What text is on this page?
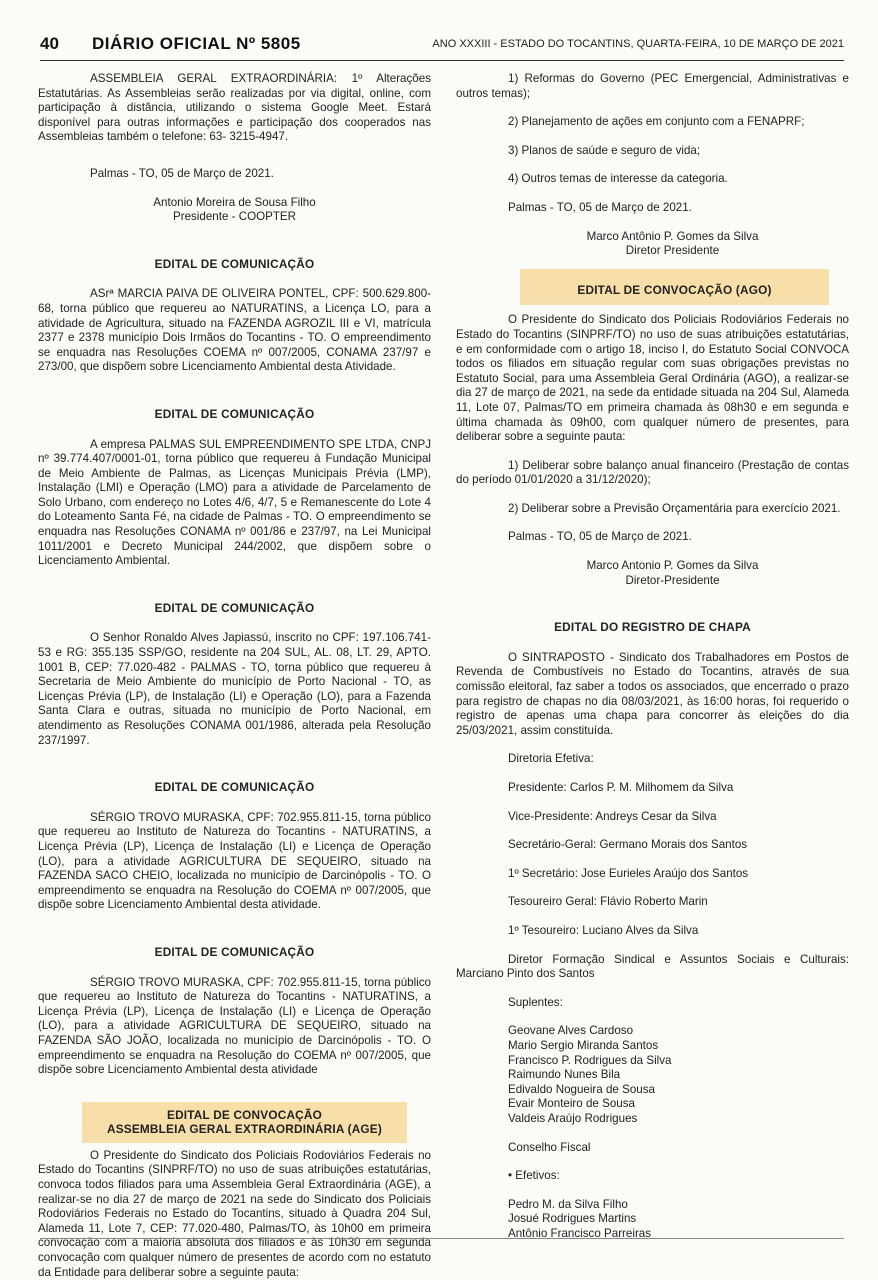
40 DIÁRIO OFICIAL Nº 5805	ANO XXXIII - ESTADO DO TOCANTINS, QUARTA-FEIRA, 10 DE MARÇO DE 2021

ASSEMBLEIA GERAL EXTRAORDINÁRIA: 1º Alterações Estatutárias. As Assembleias serão realizadas por via digital, online, com participação à distância, utilizando o sistema Google Meet. Estará disponível para outras informações e participação dos cooperados nas Assembleias também o telefone: 63- 3215-4947.

Palmas - TO, 05 de Março de 2021.

Antonio Moreira de Sousa Filho

Presidente - COOPTER

EDITAL DE COMUNICAÇÃO

ASrª MARCIA PAIVA DE OLIVEIRA PONTEL, CPF: 500.629.800-68, torna público que requereu ao NATURATINS, a Licença LO, para a atividade de Agricultura, situado na FAZENDA AGROZIL III e VI, matrícula 2377 e 2378 município Dois Irmãos do Tocantins - TO. O empreendimento se enquadra nas Resoluções COEMA nº 007/2005, CONAMA 237/97 e 273/00, que dispõem sobre Licenciamento Ambiental desta Atividade.

EDITAL DE COMUNICAÇÃO

A empresa PALMAS SUL EMPREENDIMENTO SPE LTDA, CNPJ nº 39.774.407/0001-01, torna público que requereu à Fundação Municipal de Meio Ambiente de Palmas, as Licenças Municipais Prévia (LMP), Instalação (LMI) e Operação (LMO) para a atividade de Parcelamento de Solo Urbano, com endereço no Lotes 4/6, 4/7, 5 e Remanescente do Lote 4 do Loteamento Santa Fé, na cidade de Palmas - TO. O empreendimento se enquadra nas Resoluções CONAMA nº 001/86 e 237/97, na Lei Municipal 1011/2001 e Decreto Municipal 244/2002, que dispõem sobre o Licenciamento Ambiental.

EDITAL DE COMUNICAÇÃO

O Senhor Ronaldo Alves Japiassú, inscrito no CPF: 197.106.741-53 e RG: 355.135 SSP/GO, residente na 204 SUL, AL. 08, LT. 29, APTO. 1001 B, CEP: 77.020-482 - PALMAS - TO, torna público que requereu à Secretaria de Meio Ambiente do município de Porto Nacional - TO, as Licenças Prévia (LP), de Instalação (LI) e Operação (LO), para a Fazenda Santa Clara e outras, situada no município de Porto Nacional, em atendimento as Resoluções CONAMA 001/1986, alterada pela Resolução 237/1997.

EDITAL DE COMUNICAÇÃO

SÉRGIO TROVO MURASKA, CPF: 702.955.811-15, torna público que requereu ao Instituto de Natureza do Tocantins - NATURATINS, a Licença Prévia (LP), Licença de Instalação (LI) e Licença de Operação (LO), para a atividade AGRICULTURA DE SEQUEIRO, situado na FAZENDA SACO CHEIO, localizada no município de Darcinópolis - TO. O empreendimento se enquadra na Resolução do COEMA nº 007/2005, que dispõe sobre Licenciamento Ambiental desta atividade.

EDITAL DE COMUNICAÇÃO

SÉRGIO TROVO MURASKA, CPF: 702.955.811-15, torna público que requereu ao Instituto de Natureza do Tocantins - NATURATINS, a Licença Prévia (LP), Licença de Instalação (LI) e Licença de Operação (LO), para a atividade AGRICULTURA DE SEQUEIRO, situado na FAZENDA SÃO JOÃO, localizada no município de Darcinópolis - TO. O empreendimento se enquadra na Resolução do COEMA nº 007/2005, que dispõe sobre Licenciamento Ambiental desta atividade

EDITAL DE CONVOCAÇÃO

ASSEMBLEIA GERAL EXTRAORDINÁRIA (AGE)

O Presidente do Sindicato dos Policiais Rodoviários Federais no Estado do Tocantins (SINPRF/TO) no uso de suas atribuições estatutárias, convoca todos filiados para uma Assembleia Geral Extraordinária (AGE), a realizar-se no dia 27 de março de 2021 na sede do Sindicato dos Policiais Rodoviários Federais no Estado do Tocantins, situado à Quadra 204 Sul, Alameda 11, Lote 7, CEP: 77.020-480, Palmas/TO, às 10h00 em primeira convocação com a maioria absoluta dos filiados e às 10h30 em segunda convocação com qualquer número de presentes de acordo com no estatuto da Entidade para deliberar sobre a seguinte pauta:

1) Reformas do Governo (PEC Emergencial, Administrativas e outros temas);

2) Planejamento de ações em conjunto com a FENAPRF;

3) Planos de saúde e seguro de vida;

4) Outros temas de interesse da categoria.

Palmas - TO, 05 de Março de 2021.

Marco Antônio P. Gomes da Silva

Diretor Presidente

EDITAL DE CONVOCAÇÃO (AGO)

O Presidente do Sindicato dos Policiais Rodoviários Federais no Estado do Tocantins (SINPRF/TO) no uso de suas atribuições estatutárias, e em conformidade com o artigo 18, inciso I, do Estatuto Social CONVOCA todos os filiados em situação regular com suas obrigações previstas no Estatuto Social, para uma Assembleia Geral Ordinária (AGO), a realizar-se dia 27 de março de 2021, na sede da entidade situada na 204 Sul, Alameda 11, Lote 07, Palmas/TO em primeira chamada às 08h30 e em segunda e última chamada às 09h00, com qualquer número de presentes, para deliberar sobre a seguinte pauta:

1) Deliberar sobre balanço anual financeiro (Prestação de contas do período 01/01/2020 a 31/12/2020);

2) Deliberar sobre a Previsão Orçamentária para exercício 2021.

Palmas - TO, 05 de Março de 2021.

Marco Antonio P. Gomes da Silva

Diretor-Presidente

EDITAL DO REGISTRO DE CHAPA

O SINTRAPOSTO - Sindicato dos Trabalhadores em Postos de Revenda de Combustíveis no Estado do Tocantins, através de sua comissão eleitoral, faz saber a todos os associados, que encerrado o prazo para registro de chapas no dia 08/03/2021, às 16:00 horas, foi requerido o registro de apenas uma chapa para concorrer às eleições do dia 25/03/2021, assim constituída.

Diretoria Efetiva:

Presidente: Carlos P. M. Milhomem da Silva

Vice-Presidente: Andreys Cesar da Silva

Secretário-Geral: Germano Morais dos Santos

1º Secretário: Jose Eurieles Araújo dos Santos

Tesoureiro Geral: Flávio Roberto Marin

1º Tesoureiro: Luciano Alves da Silva

Diretor Formação Sindical e Assuntos Sociais e Culturais: Marciano Pinto dos Santos

Suplentes:

Geovane Alves Cardoso

Mario Sergio Miranda Santos

Francisco P. Rodrigues da Silva

Raimundo Nunes Bila

Edivaldo Nogueira de Sousa

Evair Monteiro de Sousa

Valdeis Araújo Rodrigues

Conselho Fiscal

• Efetivos:

Pedro M. da Silva Filho

Josué Rodrigues Martins

Antônio Francisco Parreiras
